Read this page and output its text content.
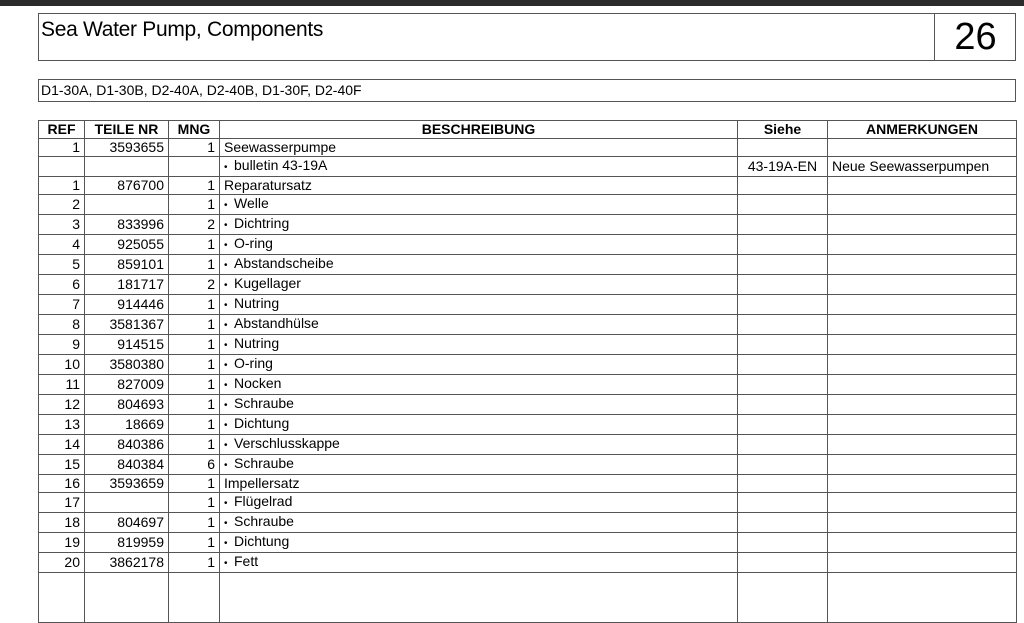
Sea Water Pump, Components	26
D1-30A, D1-30B, D2-40A, D2-40B, D1-30F, D2-40F
REF	TEILE NR	MNG	BESCHREIBUNG	Siehe	ANMERKUNGEN
1	3593655	1	Seewasserpumpe		
			• bulletin 43-19A	43-19A-EN	Neue Seewasserpumpen
1	876700	1	Reparatursatz		
2		1	• Welle		
3	833996	2	• Dichtring		
4	925055	1	• O-ring		
5	859101	1	• Abstandscheibe		
6	181717	2	• Kugellager		
7	914446	1	• Nutring		
8	3581367	1	• Abstandhülse		
9	914515	1	• Nutring		
10	3580380	1	• O-ring		
11	827009	1	• Nocken		
12	804693	1	• Schraube		
13	18669	1	• Dichtung		
14	840386	1	• Verschlusskappe		
15	840384	6	• Schraube		
16	3593659	1	Impellersatz		
17		1	• Flügelrad		
18	804697	1	• Schraube		
19	819959	1	• Dichtung		
20	3862178	1	• Fett		
